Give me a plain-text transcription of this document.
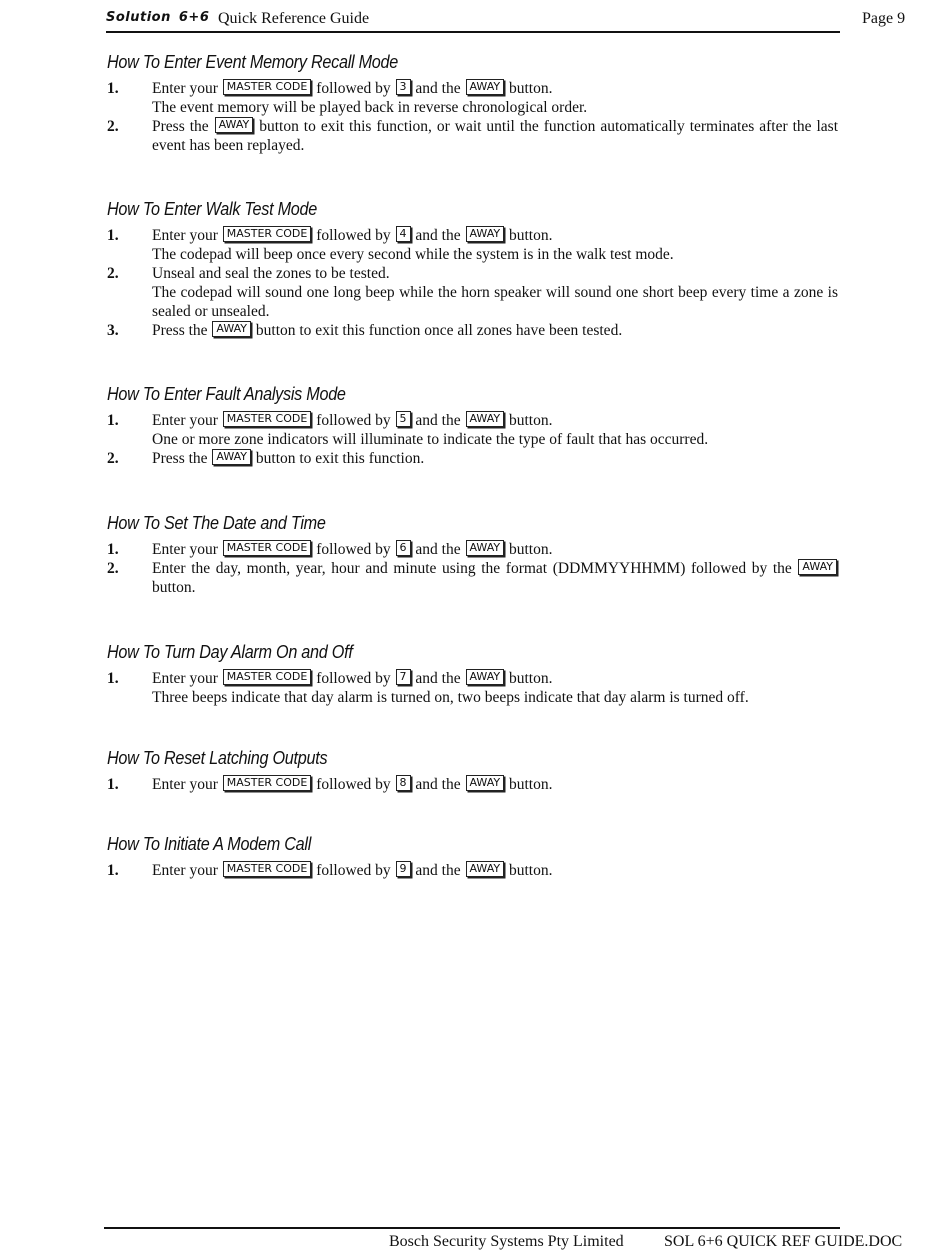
Solution 6+6 Quick Reference Guide	Page 9
How To Enter Event Memory Recall Mode
1. Enter your MASTER CODE followed by 3 and the AWAY button.

The event memory will be played back in reverse chronological order.

2. Press the AWAY button to exit this function, or wait until the function automatically terminates after the last event has been replayed.

How To Enter Walk Test Mode
1. Enter your MASTER CODE followed by 4 and the AWAY button.

The codepad will beep once every second while the system is in the walk test mode.

2. Unseal and seal the zones to be tested.

The codepad will sound one long beep while the horn speaker will sound one short beep every time a zone is sealed or unsealed.

3. Press the AWAY button to exit this function once all zones have been tested.

How To Enter Fault Analysis Mode
1. Enter your MASTER CODE followed by 5 and the AWAY button.

One or more zone indicators will illuminate to indicate the type of fault that has occurred.

2. Press the AWAY button to exit this function.

How To Set The Date and Time
1. Enter your MASTER CODE followed by 6 and the AWAY button.

2. Enter the day, month, year, hour and minute using the format (DDMMYYHHMM) followed by the AWAY button.

How To Turn Day Alarm On and Off
1. Enter your MASTER CODE followed by 7 and the AWAY button.

Three beeps indicate that day alarm is turned on, two beeps indicate that day alarm is turned off.

How To Reset Latching Outputs
1. Enter your MASTER CODE followed by 8 and the AWAY button.

How To Initiate A Modem Call
1. Enter your MASTER CODE followed by 9 and the AWAY button.

Bosch Security Systems Pty Limited	SOL 6+6 QUICK REF GUIDE.DOC
